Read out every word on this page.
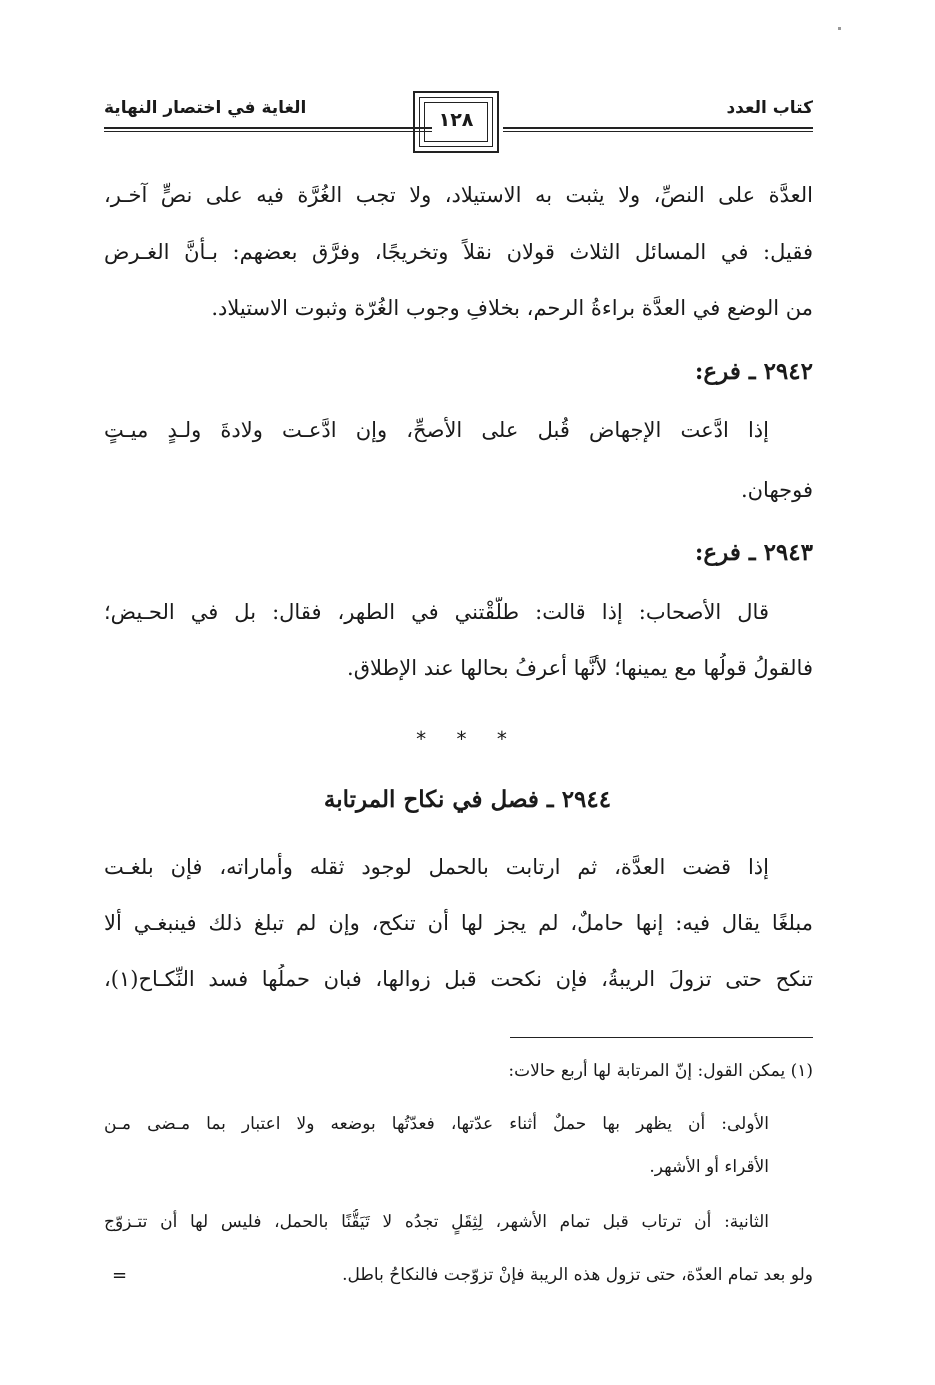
كتاب العدد
الغاية في اختصار النهاية
١٢٨
العدَّة على النصِّ، ولا يثبت به الاستيلاد، ولا تجب الغُرَّة فيه على نصٍّ آخـر،
فقيل: في المسائل الثلاث قولان نقلاً وتخريجًا، وفرَّق بعضهم: بـأنَّ الغـرض
من الوضع في العدَّة براءةُ الرحم، بخلافِ وجوب الغُرّة وثبوت الاستيلاد.
٢٩٤٢ ـ فرع:
إذا ادَّعت الإجهاض قُبل على الأصحِّ، وإن ادَّعـت ولادةَ ولـدٍ ميـتٍ
فوجهان.
٢٩٤٣ ـ فرع:
قال الأصحاب: إذا قالت: طلَّقْتني في الطهر، فقال: بل في الحـيض؛
فالقولُ قولُها مع يمينها؛ لأنَّها أعرفُ بحالها عند الإطلاق.
* * *
٢٩٤٤ ـ فصل في نكاح المرتابة
إذا قضت العدَّة، ثم ارتابت بالحمل لوجود ثقله وأماراته، فإن بلغـت
مبلغًا يقال فيه: إنها حاملٌ، لم يجز لها أن تنكح، وإن لم تبلغ ذلك فينبغـي ألا
تنكح حتى تزولَ الريبةُ، فإن نكحت قبل زوالها، فبان حملُها فسد النِّكـاح(١)،
(١) يمكن القول: إنّ المرتابة لها أربع حالات:
الأولى: أن يظهر بها حملٌ أثناء عدّتها، فعدّتُها بوضعه ولا اعتبار بما مـضى مـن
الأقراء أو الأشهر.
الثانية: أن ترتاب قبل تمام الأشهر، لِثِقَلٍ تجدُه لا تَيَقُّنًا بالحمل، فليس لها أن تتـزوّج
ولو بعد تمام العدّة، حتى تزول هذه الريبة فإنْ تزوّجت فالنكاحُ باطل.
=
